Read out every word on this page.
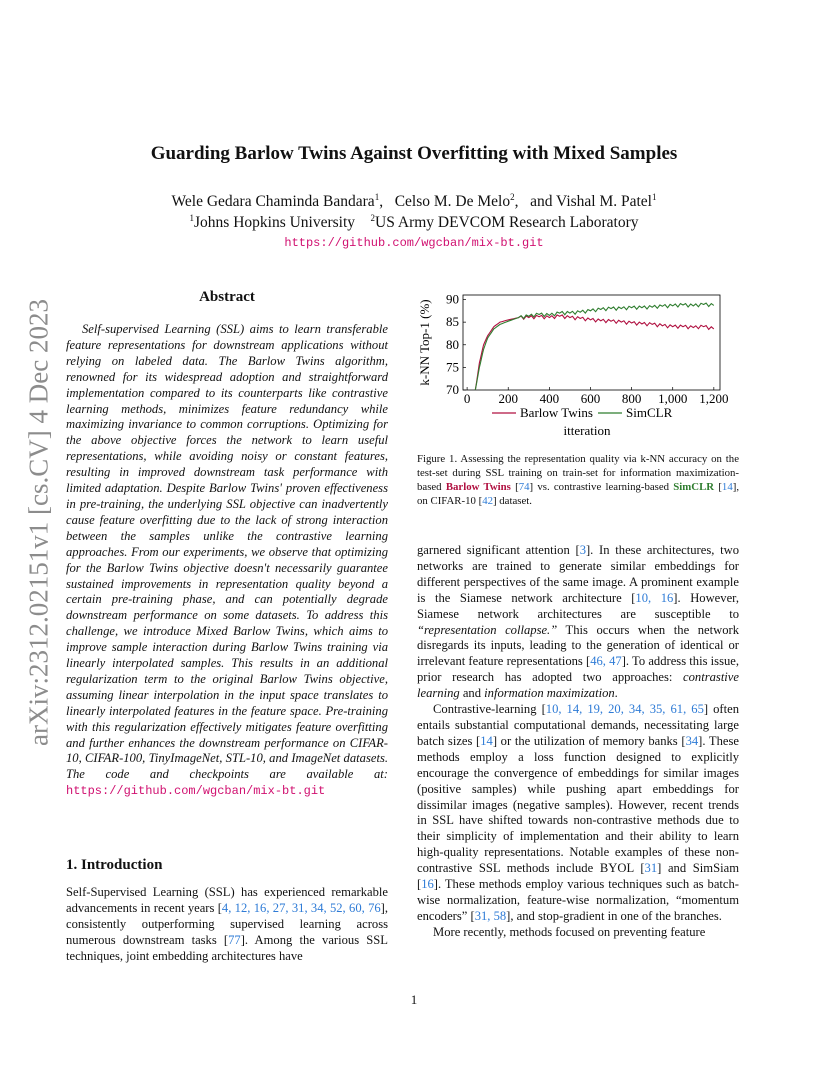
Guarding Barlow Twins Against Overfitting with Mixed Samples
Wele Gedara Chaminda Bandara$^1$,   Celso M. De Melo$^2$,   and Vishal M. Patel$^1$
$^1$Johns Hopkins University $^2$US Army DEVCOM Research Laboratory
https://github.com/wgcban/mix-bt.git
arXiv:2312.02151v1 [cs.CV] 4 Dec 2023
Abstract
Self-supervised Learning (SSL) aims to learn transferable feature representations for downstream applications without relying on labeled data. The Barlow Twins algorithm, renowned for its widespread adoption and straightforward implementation compared to its counterparts like contrastive learning methods, minimizes feature redundancy while maximizing invariance to common corruptions. Optimizing for the above objective forces the network to learn useful representations, while avoiding noisy or constant features, resulting in improved downstream task performance with limited adaptation. Despite Barlow Twins' proven effectiveness in pre-training, the underlying SSL objective can inadvertently cause feature overfitting due to the lack of strong interaction between the samples unlike the contrastive learning approaches. From our experiments, we observe that optimizing for the Barlow Twins objective doesn't necessarily guarantee sustained improvements in representation quality beyond a certain pre-training phase, and can potentially degrade downstream performance on some datasets. To address this challenge, we introduce Mixed Barlow Twins, which aims to improve sample interaction during Barlow Twins training via linearly interpolated samples. This results in an additional regularization term to the original Barlow Twins objective, assuming linear interpolation in the input space translates to linearly interpolated features in the feature space. Pre-training with this regularization effectively mitigates feature overfitting and further enhances the downstream performance on CIFAR-10, CIFAR-100, TinyImageNet, STL-10, and ImageNet datasets. The code and checkpoints are available at: https://github.com/wgcban/mix-bt.git
1. Introduction
Self-Supervised Learning (SSL) has experienced remarkable advancements in recent years [4, 12, 16, 27, 31, 34, 52, 60, 76], consistently outperforming supervised learning across numerous downstream tasks [77]. Among the various SSL techniques, joint embedding architectures have
70
75
80
85
90
0 200 400 600 800 1,000 1,200
k-NN Top-1 (%)
Barlow Twins	SimCLR
itteration
Figure 1. Assessing the representation quality via k-NN accuracy on the test-set during SSL training on train-set for information maximization-based Barlow Twins [74] vs. contrastive learning-based SimCLR [14], on CIFAR-10 [42] dataset.

garnered significant attention [3]. In these architectures, two networks are trained to generate similar embeddings for different perspectives of the same image. A prominent example is the Siamese network architecture [10, 16]. However, Siamese network architectures are susceptible to “representation collapse.” This occurs when the network disregards its inputs, leading to the generation of identical or irrelevant feature representations [46, 47]. To address this issue, prior research has adopted two approaches: contrastive learning and information maximization.

Contrastive-learning [10, 14, 19, 20, 34, 35, 61, 65] often entails substantial computational demands, necessitating large batch sizes [14] or the utilization of memory banks [34]. These methods employ a loss function designed to explicitly encourage the convergence of embeddings for similar images (positive samples) while pushing apart embeddings for dissimilar images (negative samples). However, recent trends in SSL have shifted towards non-contrastive methods due to their simplicity of implementation and their ability to learn high-quality representations. Notable examples of these non-contrastive SSL methods include BYOL [31] and SimSiam [16]. These methods employ various techniques such as batch-wise normalization, feature-wise normalization, “momentum encoders” [31, 58], and stop-gradient in one of the branches.

More recently, methods focused on preventing feature

1
